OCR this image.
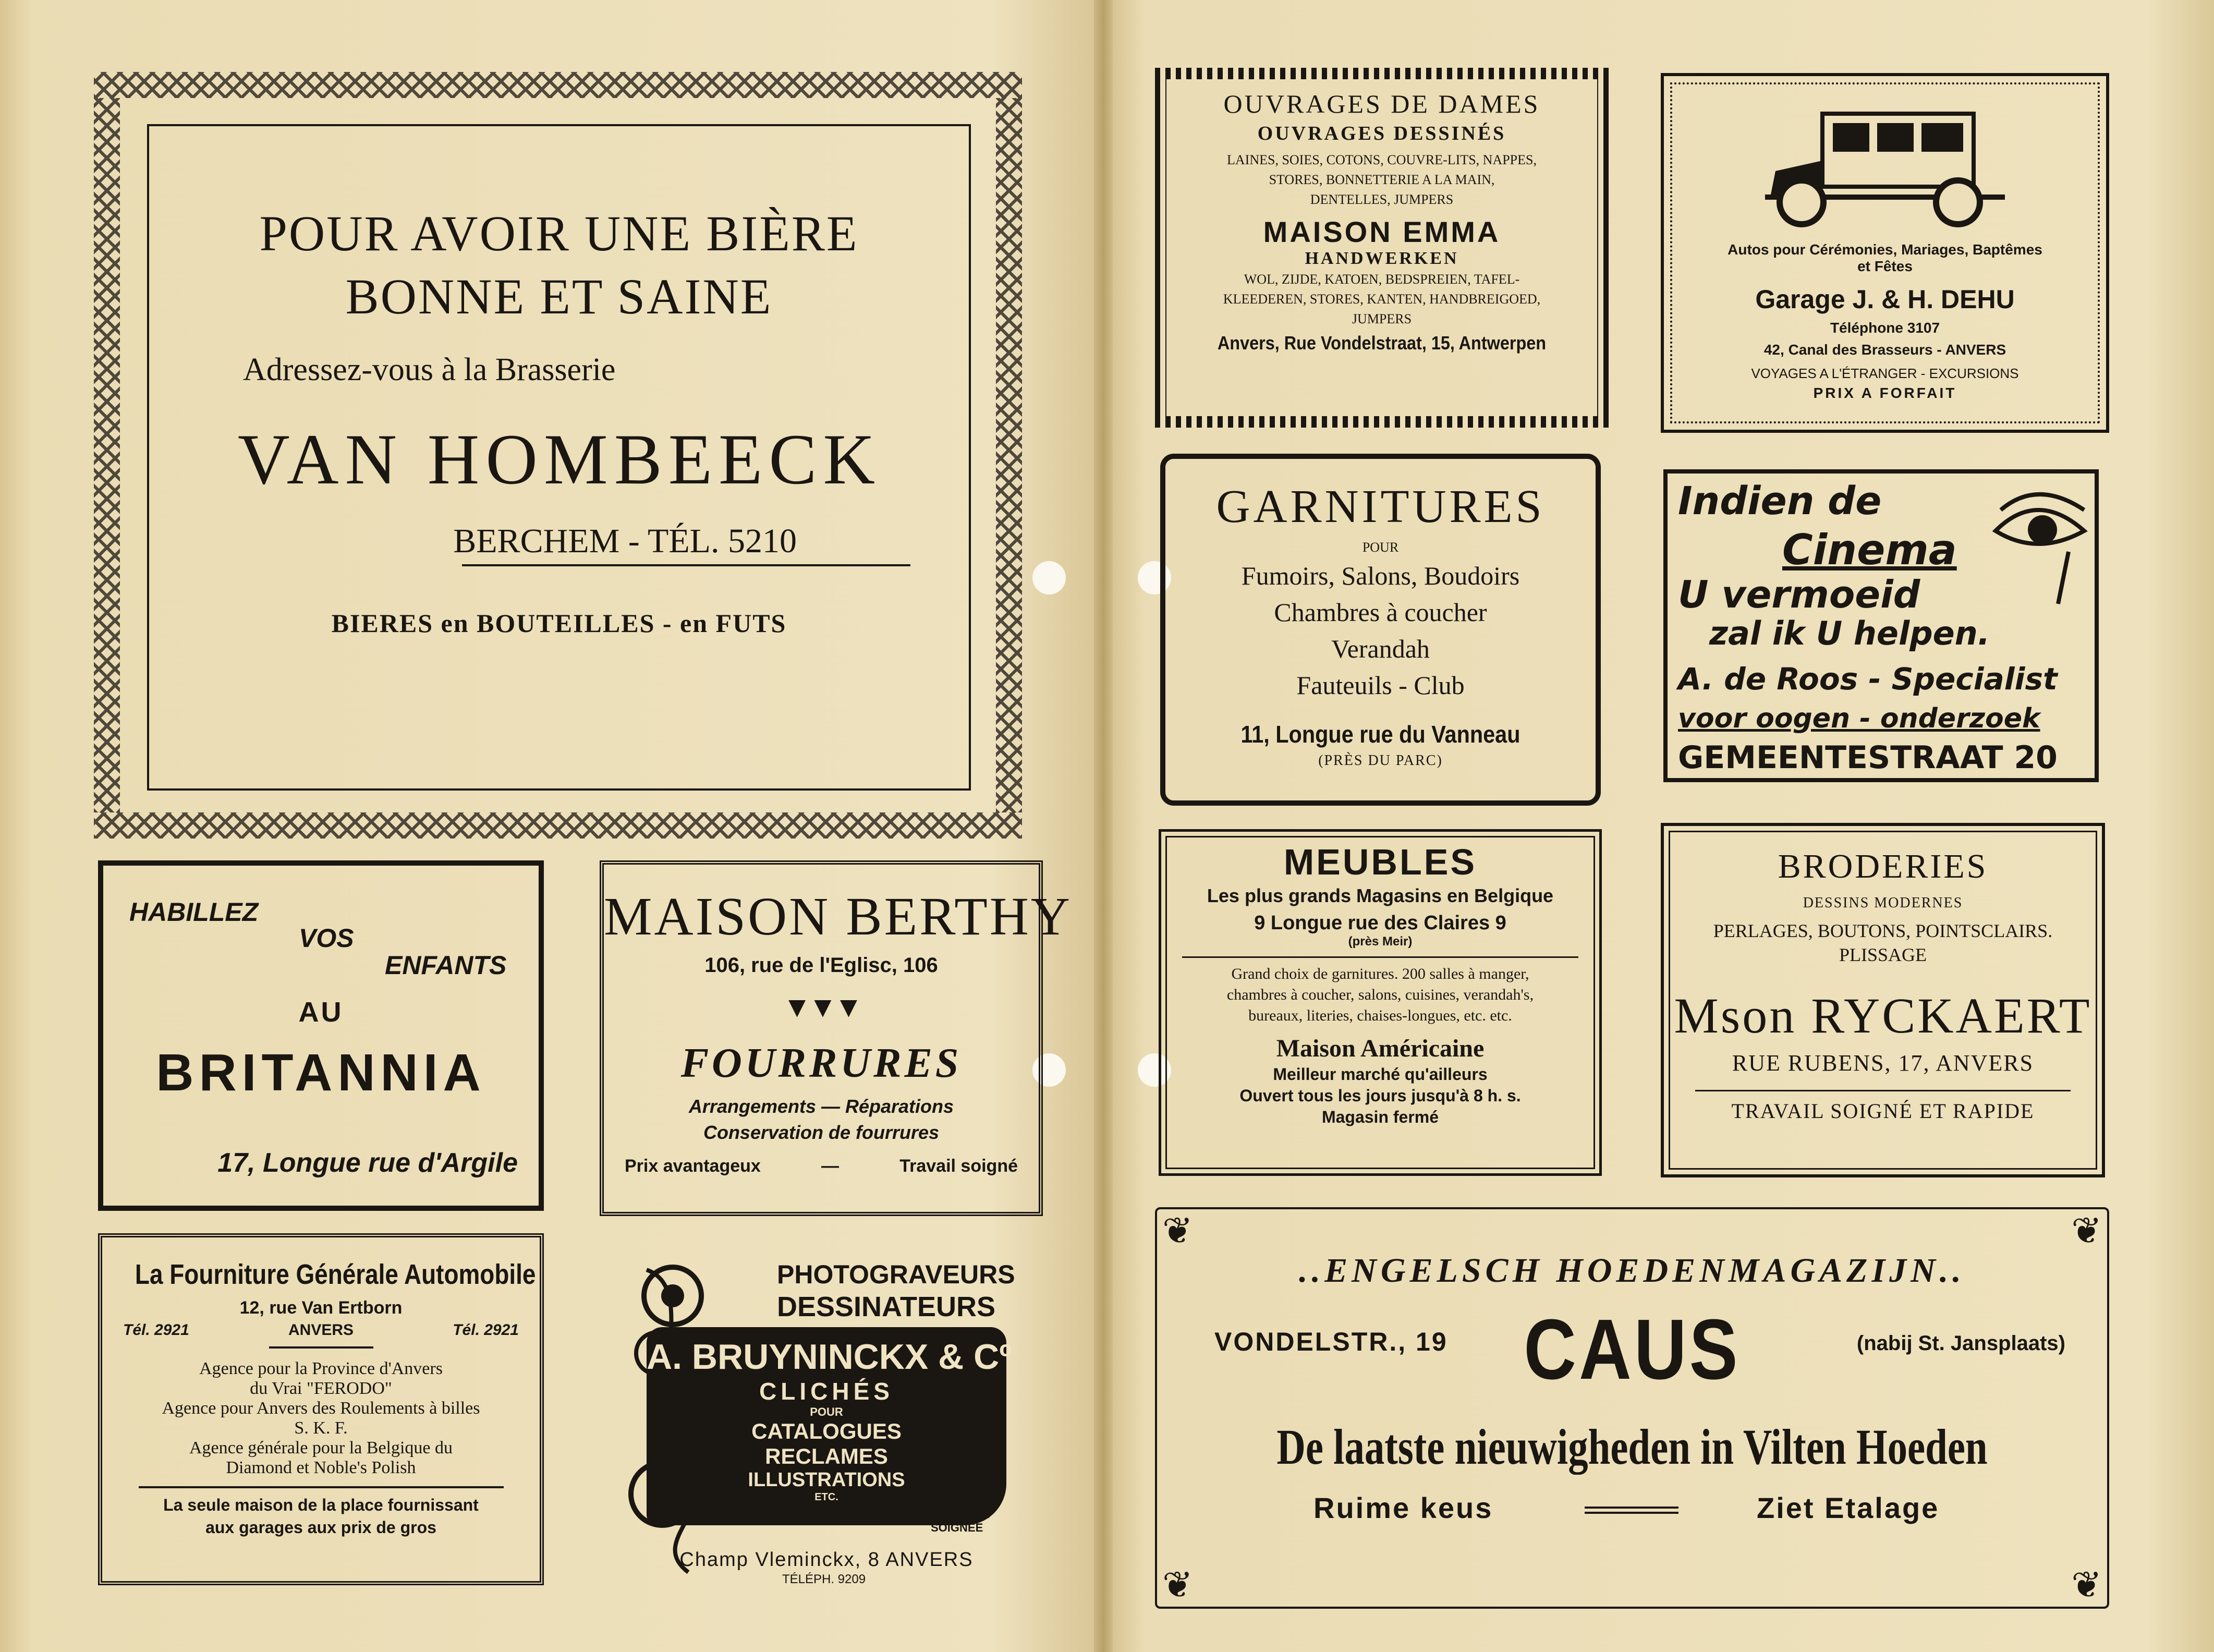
POUR AVOIR UNE BIÈRE
BONNE ET SAINE
Adressez-vous à la Brasserie
VAN HOMBEECK
BERCHEM - TÉL. 5210
BIERES en BOUTEILLES - en FUTS
HABILLEZ
VOS
ENFANTS
AU
BRITANNIA
17, Longue rue d'Argile
MAISON BERTHY
106, rue de l'Eglisc, 106
▼▼▼
FOURRURES
Arrangements — Réparations
Conservation de fourrures
Prix avantageux	—	Travail soigné
La Fourniture Générale Automobile
12, rue Van Ertborn
Tél. 2921	ANVERS	Tél. 2921
Agence pour la Province d'Anvers
du Vrai "FERODO"
Agence pour Anvers des Roulements à billes
S. K. F.
Agence générale pour la Belgique du
Diamond et Noble's Polish
La seule maison de la place fournissant
aux garages aux prix de gros
PHOTOGRAVEURS
DESSINATEURS
A. BRUYNINCKX & Cº
CLICHÉS
POUR
CATALOGUES
RECLAMES
ILLUSTRATIONS
ETC.	EXÉCUTION
RAPIDE ET
SOIGNÉE
Champ Vleminckx, 8 ANVERS
TÉLÉPH. 9209
OUVRAGES DE DAMES
OUVRAGES DESSINÉS
LAINES, SOIES, COTONS, COUVRE-LITS, NAPPES,
STORES, BONNETTERIE A LA MAIN,
DENTELLES, JUMPERS
MAISON EMMA
HANDWERKEN
WOL, ZIJDE, KATOEN, BEDSPREIEN, TAFEL-
KLEEDEREN, STORES, KANTEN, HANDBREIGOED,
JUMPERS
Anvers, Rue Vondelstraat, 15, Antwerpen
Autos pour Cérémonies, Mariages, Baptêmes
et Fêtes
Garage J. & H. DEHU
Téléphone 3107
42, Canal des Brasseurs - ANVERS
VOYAGES A L'ÉTRANGER - EXCURSIONS
PRIX A FORFAIT
GARNITURES
POUR
Fumoirs, Salons, Boudoirs
Chambres à coucher
Verandah
Fauteuils - Club
11, Longue rue du Vanneau
(PRÈS DU PARC)
Indien de
Cinema
U vermoeid
zal ik U helpen.
A. de Roos - Specialist
voor oogen - onderzoek
GEMEENTESTRAAT 20
MEUBLES
Les plus grands Magasins en Belgique
9 Longue rue des Claires 9
(près Meir)
Grand choix de garnitures. 200 salles à manger,
chambres à coucher, salons, cuisines, verandah's,
bureaux, literies, chaises-longues, etc. etc.
Maison Américaine
Meilleur marché qu'ailleurs
Ouvert tous les jours jusqu'à 8 h. s.
Magasin fermé
BRODERIES
DESSINS MODERNES
PERLAGES, BOUTONS, POINTSCLAIRS.
PLISSAGE
Mson RYCKAERT
RUE RUBENS, 17, ANVERS
TRAVAIL SOIGNÉ ET RAPIDE
❦	❦
❦	❦
..ENGELSCH HOEDENMAGAZIJN..
VONDELSTR., 19 CAUS	(nabij St. Jansplaats)
De laatste nieuwigheden in Vilten Hoeden
Ruime keus	Ziet Etalage
